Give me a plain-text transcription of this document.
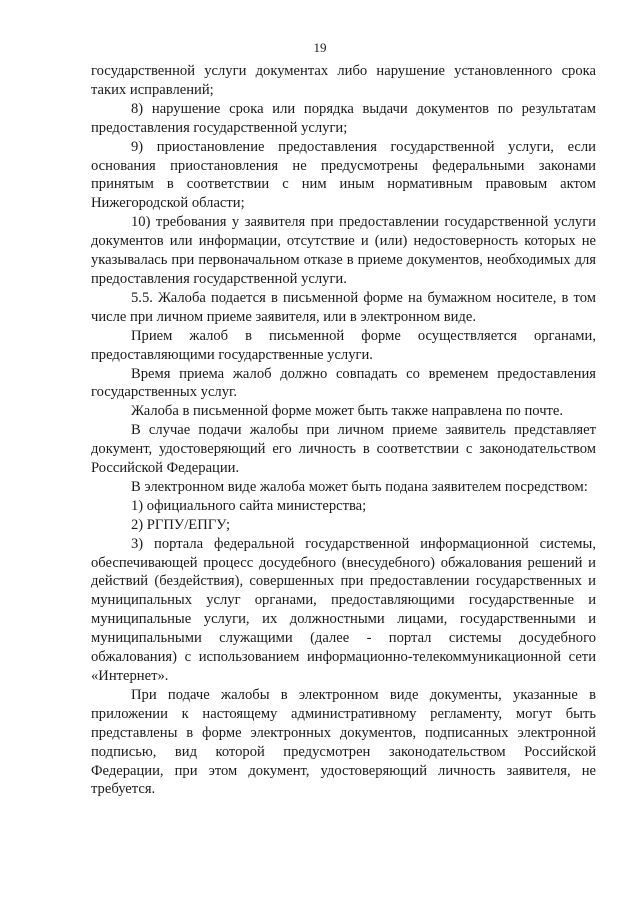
19

государственной услуги документах либо нарушение установленного срока таких исправлений;

8) нарушение срока или порядка выдачи документов по результатам предоставления государственной услуги;

9) приостановление предоставления государственной услуги, если основания приостановления не предусмотрены федеральными законами принятым в соответствии с ним иным нормативным правовым актом Нижегородской области;

10) требования у заявителя при предоставлении государственной услуги документов или информации, отсутствие и (или) недостоверность которых не указывалась при первоначальном отказе в приеме документов, необходимых для предоставления государственной услуги.

5.5. Жалоба подается в письменной форме на бумажном носителе, в том числе при личном приеме заявителя, или в электронном виде.

Прием жалоб в письменной форме осуществляется органами, предоставляющими государственные услуги.

Время приема жалоб должно совпадать со временем предоставления государственных услуг.

Жалоба в письменной форме может быть также направлена по почте.

В случае подачи жалобы при личном приеме заявитель представляет документ, удостоверяющий его личность в соответствии с законодательством Российской Федерации.

В электронном виде жалоба может быть подана заявителем посредством:

1) официального сайта министерства;

2) РГПУ/ЕПГУ;

3) портала федеральной государственной информационной системы, обеспечивающей процесс досудебного (внесудебного) обжалования решений и действий (бездействия), совершенных при предоставлении государственных и муниципальных услуг органами, предоставляющими государственные и муниципальные услуги, их должностными лицами, государственными и муниципальными служащими (далее - портал системы досудебного обжалования) с использованием информационно-телекоммуникационной сети «Интернет».

При подаче жалобы в электронном виде документы, указанные в приложении к настоящему административному регламенту, могут быть представлены в форме электронных документов, подписанных электронной подписью, вид которой предусмотрен законодательством Российской Федерации, при этом документ, удостоверяющий личность заявителя, не требуется.
